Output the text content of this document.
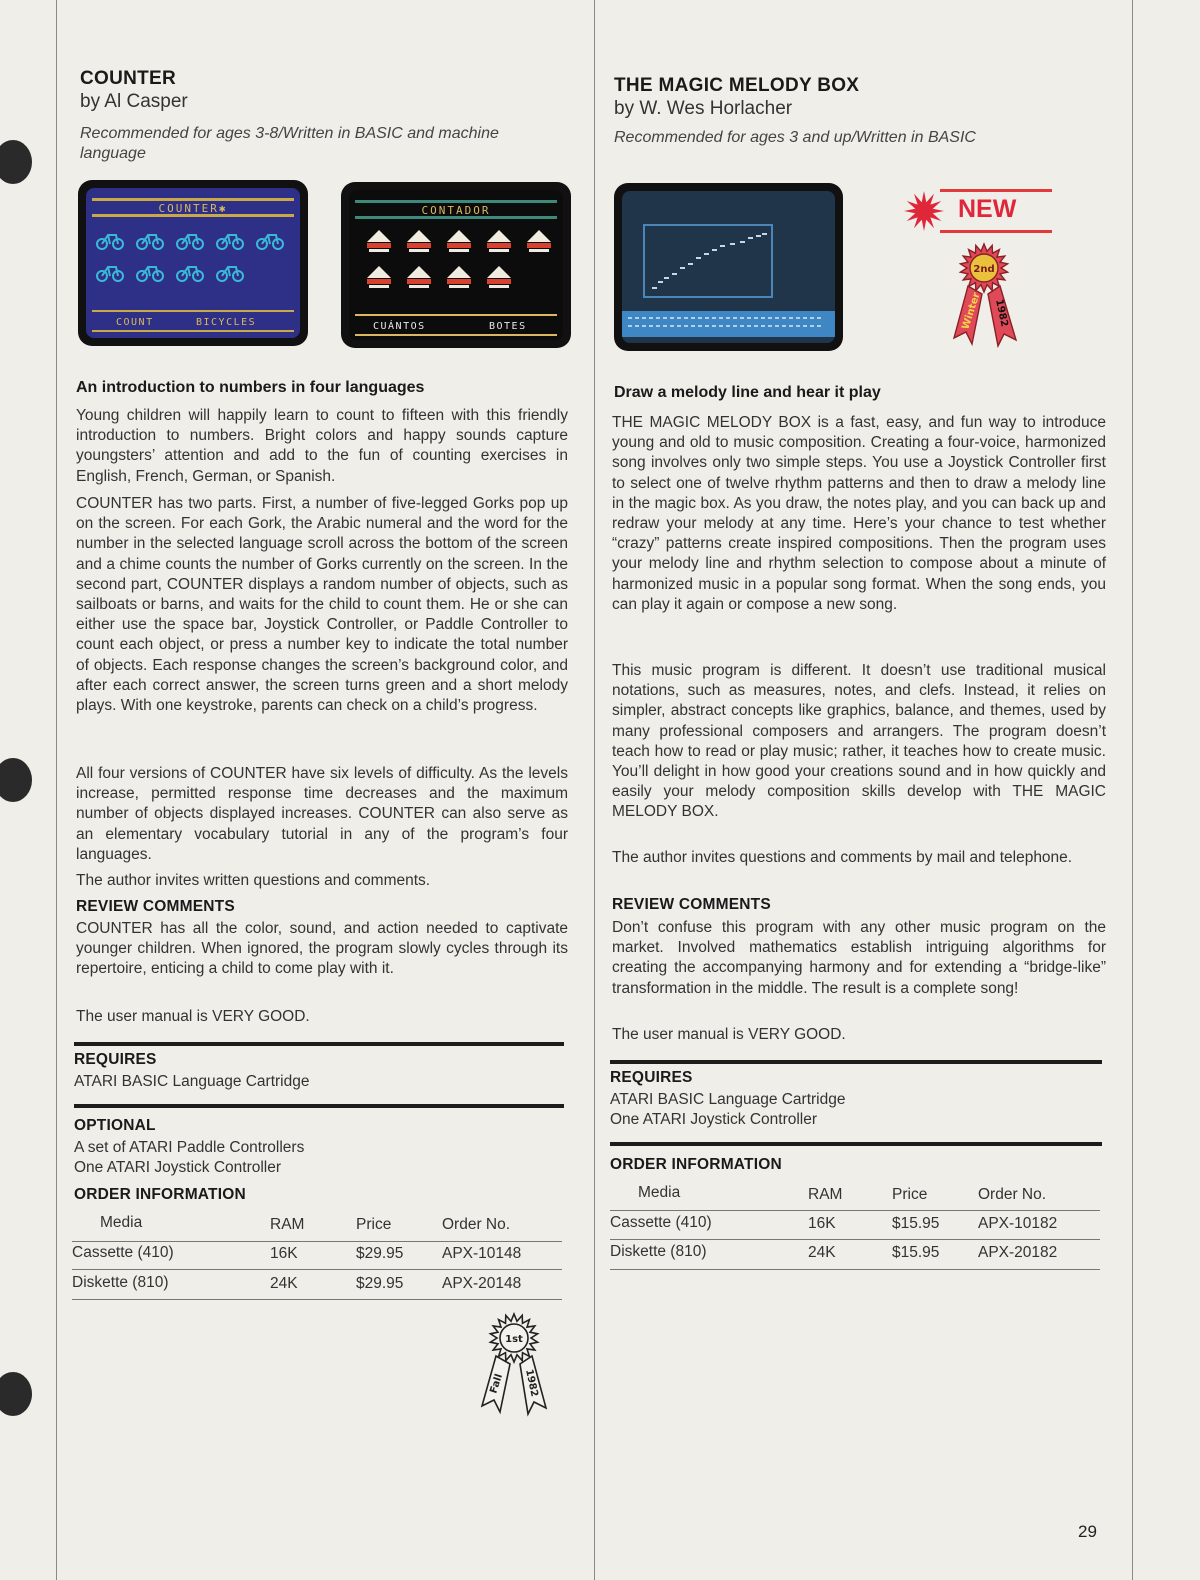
COUNTER
by Al Casper
Recommended for ages 3-8/Written in BASIC and machine
language
COUNTER✱
COUNT	BICYCLES
CONTADOR
CUÁNTOS	BOTES
An introduction to numbers in four languages

Young children will happily learn to count to fifteen with this friendly introduction to numbers. Bright colors and happy sounds capture youngsters’ attention and add to the fun of counting exercises in English, French, German, or Spanish.

COUNTER has two parts. First, a number of five-legged Gorks pop up on the screen. For each Gork, the Arabic numeral and the word for the number in the selected language scroll across the bottom of the screen and a chime counts the number of Gorks currently on the screen. In the second part, COUNTER displays a random number of objects, such as sailboats or barns, and waits for the child to count them. He or she can either use the space bar, Joystick Controller, or Paddle Controller to count each object, or press a number key to indicate the total number of objects. Each response changes the screen’s background color, and after each correct answer, the screen turns green and a short melody plays. With one keystroke, parents can check on a child’s progress.

All four versions of COUNTER have six levels of difficulty. As the levels increase, permitted response time decreases and the maximum number of objects displayed increases. COUNTER can also serve as an elementary vocabulary tutorial in any of the program’s four languages.

The author invites written questions and comments.

REVIEW COMMENTS

COUNTER has all the color, sound, and action needed to captivate younger children. When ignored, the program slowly cycles through its repertoire, enticing a child to come play with it.

The user manual is VERY GOOD.

REQUIRES
ATARI BASIC Language Cartridge
OPTIONAL
A set of ATARI Paddle Controllers
One ATARI Joystick Controller
ORDER INFORMATION
Media	RAM	Price	Order No.
Cassette (410)	16K	$29.95 APX-10148
Diskette (810)	24K	$29.95 APX-20148
1st
Fall 1982
THE MAGIC MELODY BOX
by W. Wes Horlacher
Recommended for ages 3 and up/Written in BASIC
NEW
2nd
Winter 1982
Draw a melody line and hear it play

THE MAGIC MELODY BOX is a fast, easy, and fun way to introduce young and old to music composition. Creating a four-voice, harmonized song involves only two simple steps. You use a Joystick Controller first to select one of twelve rhythm patterns and then to draw a melody line in the magic box. As you draw, the notes play, and you can back up and redraw your melody at any time. Here’s your chance to test whether “crazy” patterns create inspired compositions. Then the program uses your melody line and rhythm selection to compose about a minute of harmonized music in a popular song format. When the song ends, you can play it again or compose a new song.

This music program is different. It doesn’t use traditional musical notations, such as measures, notes, and clefs. Instead, it relies on simpler, abstract concepts like graphics, balance, and themes, used by many professional composers and arrangers. The program doesn’t teach how to read or play music; rather, it teaches how to create music. You’ll delight in how good your creations sound and in how quickly and easily your melody composition skills develop with THE MAGIC MELODY BOX.

The author invites questions and comments by mail and telephone.

REVIEW COMMENTS

Don’t confuse this program with any other music program on the market. Involved mathematics establish intriguing algorithms for creating the accompanying harmony and for extending a “bridge-like” transformation in the middle. The result is a complete song!

The user manual is VERY GOOD.

REQUIRES
ATARI BASIC Language Cartridge
One ATARI Joystick Controller
ORDER INFORMATION
Media	RAM	Price	Order No.
Cassette (410)	16K	$15.95 APX-10182
Diskette (810)	24K	$15.95 APX-20182
29
